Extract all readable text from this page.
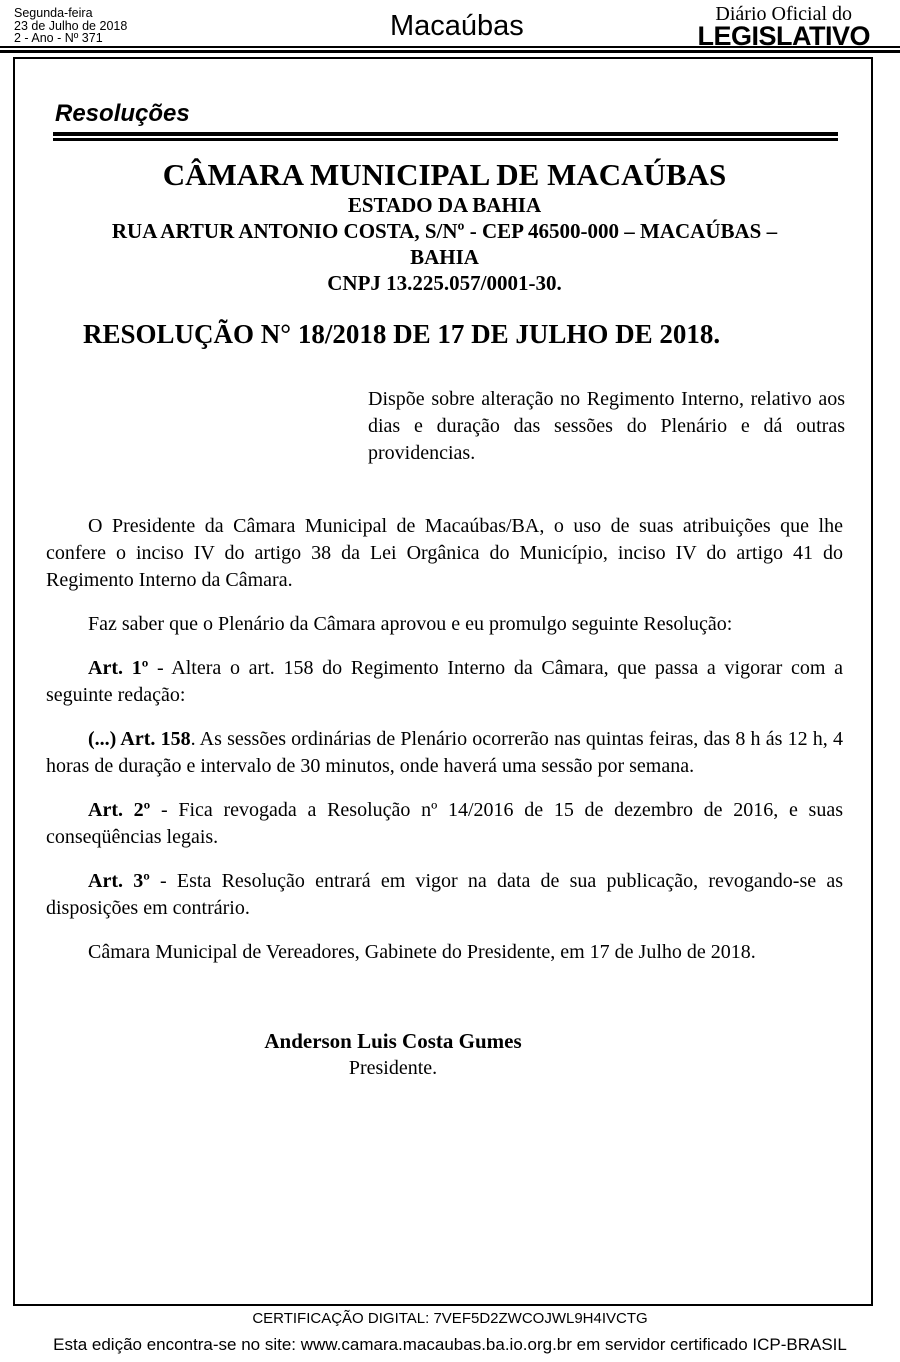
Segunda-feira
23 de Julho de 2018
2 - Ano - Nº 371	Macaúbas	Diário Oficial do
LEGISLATIVO
Resoluções
CÂMARA MUNICIPAL DE MACAÚBAS
ESTADO DA BAHIA
RUA ARTUR ANTONIO COSTA, S/Nº - CEP 46500-000 – MACAÚBAS – BAHIA
CNPJ 13.225.057/0001-30.
RESOLUÇÃO N° 18/2018 DE 17 DE JULHO DE 2018.
Dispõe sobre alteração no Regimento Interno, relativo aos dias e duração das sessões do Plenário e dá outras providencias.

O Presidente da Câmara Municipal de Macaúbas/BA, o uso de suas atribuições que lhe confere o inciso IV do artigo 38 da Lei Orgânica do Município, inciso IV do artigo 41 do Regimento Interno da Câmara.

Faz saber que o Plenário da Câmara aprovou e eu promulgo seguinte Resolução:

Art. 1º - Altera o art. 158 do Regimento Interno da Câmara, que passa a vigorar com a seguinte redação:

(...) Art. 158. As sessões ordinárias de Plenário ocorrerão nas quintas feiras, das 8 h ás 12 h, 4 horas de duração e intervalo de 30 minutos, onde haverá uma sessão por semana.

Art. 2º - Fica revogada a Resolução nº 14/2016 de 15 de dezembro de 2016, e suas conseqüências legais.

Art. 3º - Esta Resolução entrará em vigor na data de sua publicação, revogando-se as disposições em contrário.

Câmara Municipal de Vereadores, Gabinete do Presidente, em 17 de Julho de 2018.

Anderson Luis Costa Gumes
Presidente.
CERTIFICAÇÃO DIGITAL: 7VEF5D2ZWCOJWL9H4IVCTG
Esta edição encontra-se no site: www.camara.macaubas.ba.io.org.br em servidor certificado ICP-BRASIL
